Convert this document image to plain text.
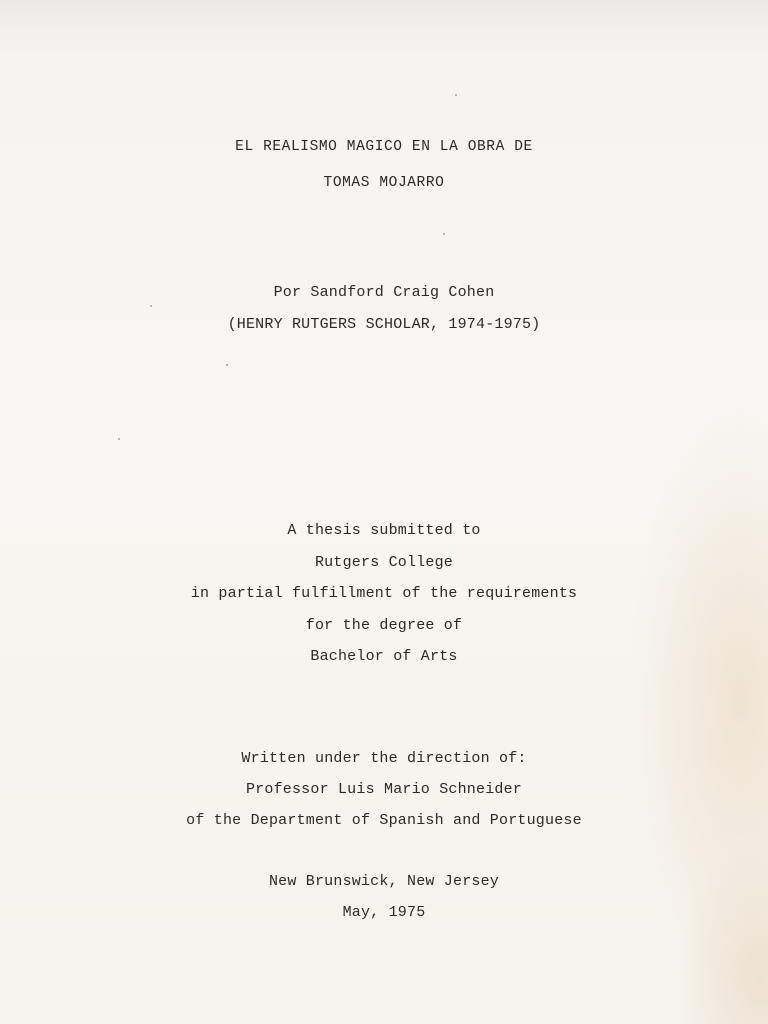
EL REALISMO MAGICO EN LA OBRA DE
TOMAS MOJARRO
Por Sandford Craig Cohen
(HENRY RUTGERS SCHOLAR, 1974-1975)
A thesis submitted to
Rutgers College
in partial fulfillment of the requirements
for the degree of
Bachelor of Arts
Written under the direction of:
Professor Luis Mario Schneider
of the Department of Spanish and Portuguese
New Brunswick, New Jersey
May, 1975
